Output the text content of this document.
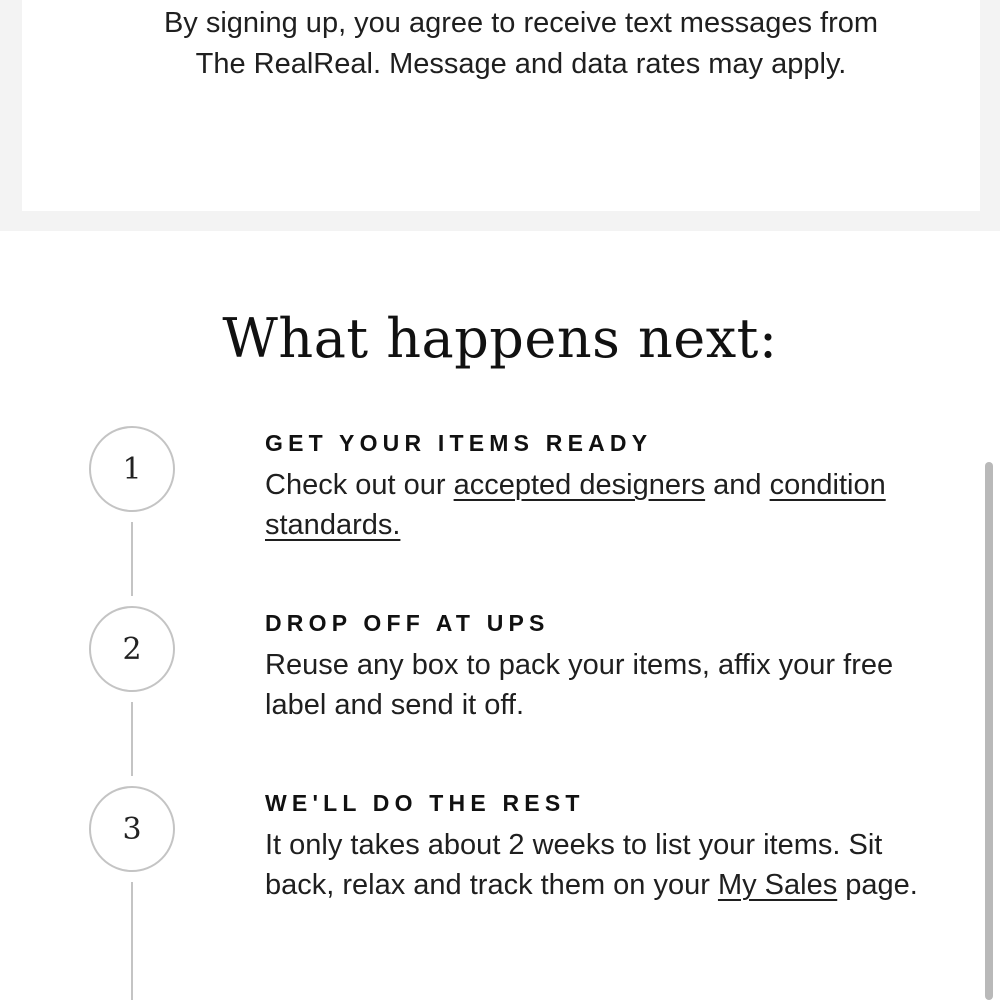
By signing up, you agree to receive text messages from The RealReal. Message and data rates may apply.

What happens next:
1
GET YOUR ITEMS READY

Check out our accepted designers and condition standards.

2
DROP OFF AT UPS

Reuse any box to pack your items, affix your free label and send it off.

3
WE'LL DO THE REST

It only takes about 2 weeks to list your items. Sit back, relax and track them on your My Sales page.
